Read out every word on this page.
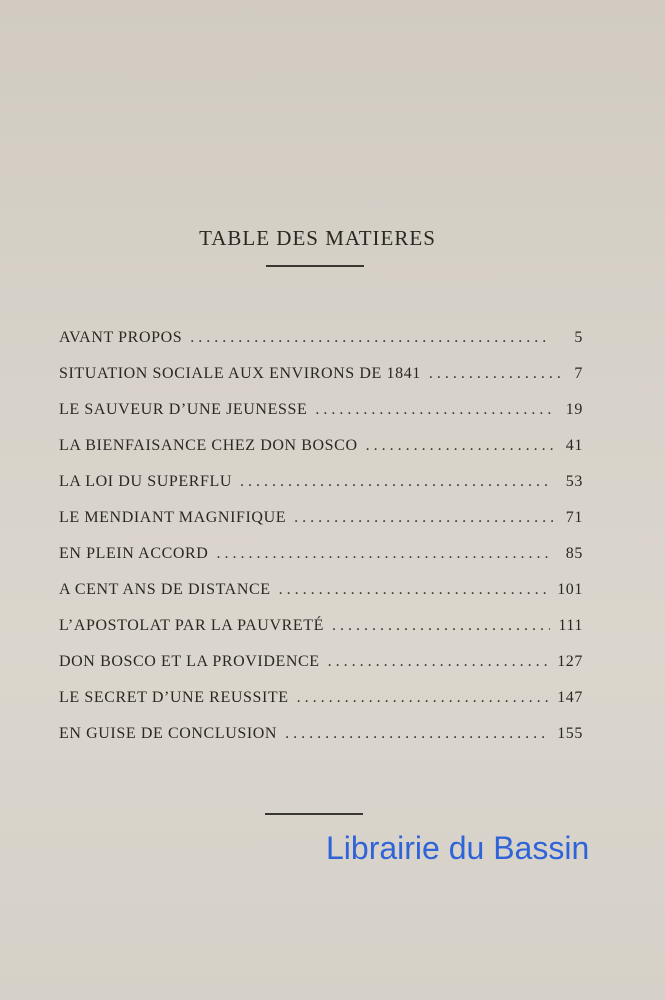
TABLE DES MATIERES
AVANT PROPOS . . .	5
SITUATION SOCIALE AUX ENVIRONS DE 1841 . . .	7
LE SAUVEUR D’UNE JEUNESSE . . .	19
LA BIENFAISANCE CHEZ DON BOSCO . . .	41
LA LOI DU SUPERFLU . . .	53
LE MENDIANT MAGNIFIQUE . . .	71
EN PLEIN ACCORD . . .	85
A CENT ANS DE DISTANCE . . .	101
L’APOSTOLAT PAR LA PAUVRETÉ . . .	111
DON BOSCO ET LA PROVIDENCE . . .	127
LE SECRET D’UNE REUSSITE . . .	147
EN GUISE DE CONCLUSION . . .	155
Librairie du Bassin
